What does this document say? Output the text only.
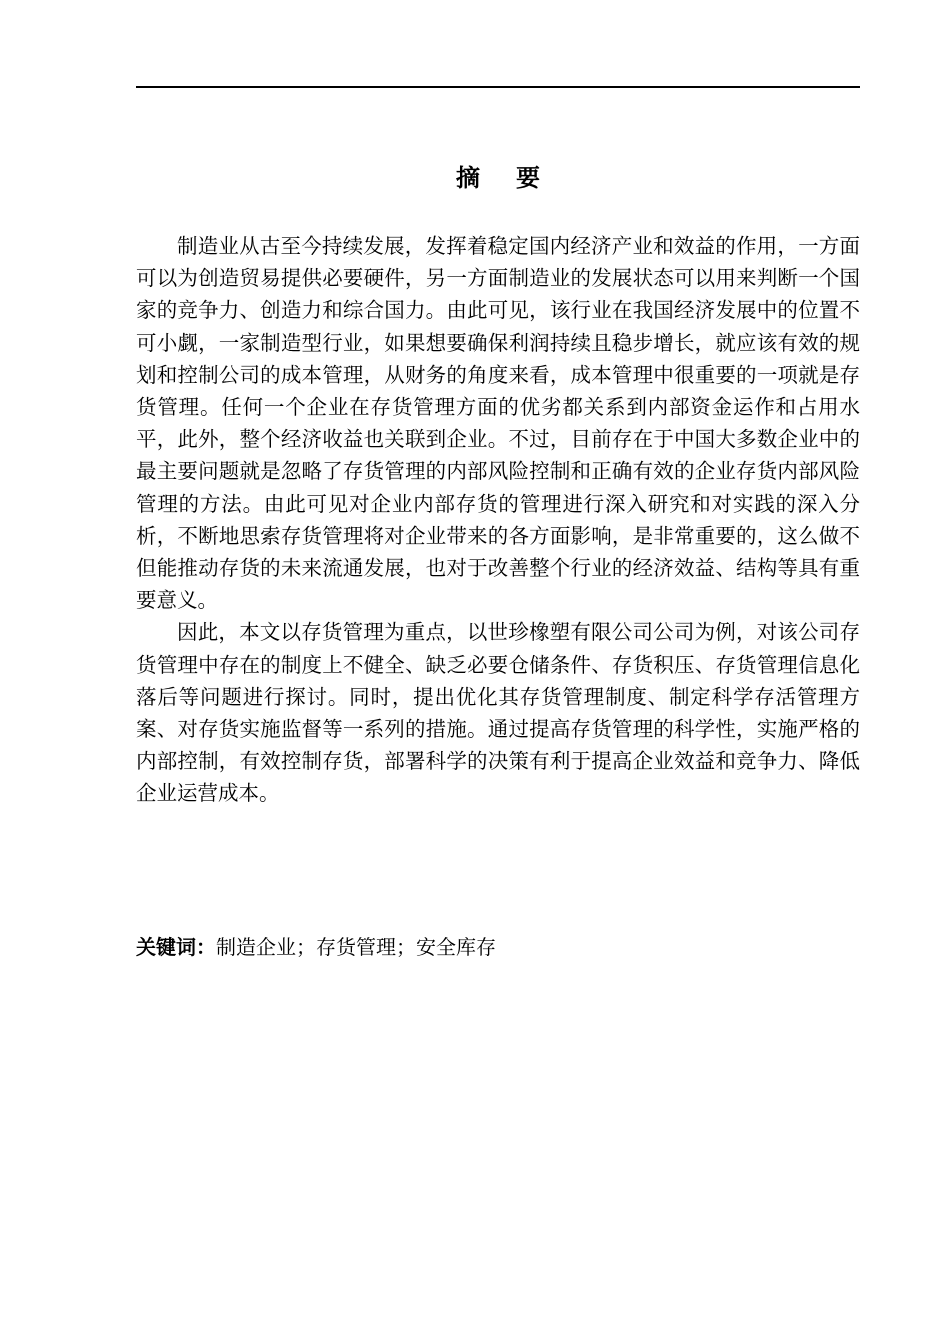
摘要

制造业从古至今持续发展，发挥着稳定国内经济产业和效益的作用，一方面可以为创造贸易提供必要硬件，另一方面制造业的发展状态可以用来判断一个国家的竞争力、创造力和综合国力。由此可见，该行业在我国经济发展中的位置不可小觑，一家制造型行业，如果想要确保利润持续且稳步增长，就应该有效的规划和控制公司的成本管理，从财务的角度来看，成本管理中很重要的一项就是存货管理。任何一个企业在存货管理方面的优劣都关系到内部资金运作和占用水平，此外，整个经济收益也关联到企业。不过，目前存在于中国大多数企业中的最主要问题就是忽略了存货管理的内部风险控制和正确有效的企业存货内部风险管理的方法。由此可见对企业内部存货的管理进行深入研究和对实践的深入分析，不断地思索存货管理将对企业带来的各方面影响，是非常重要的，这么做不但能推动存货的未来流通发展，也对于改善整个行业的经济效益、结构等具有重要意义。

因此，本文以存货管理为重点，以世珍橡塑有限公司公司为例，对该公司存货管理中存在的制度上不健全、缺乏必要仓储条件、存货积压、存货管理信息化落后等问题进行探讨。同时，提出优化其存货管理制度、制定科学存活管理方案、对存货实施监督等一系列的措施。通过提高存货管理的科学性，实施严格的内部控制，有效控制存货，部署科学的决策有利于提高企业效益和竞争力、降低企业运营成本。

关键词：制造企业；存货管理；安全库存
